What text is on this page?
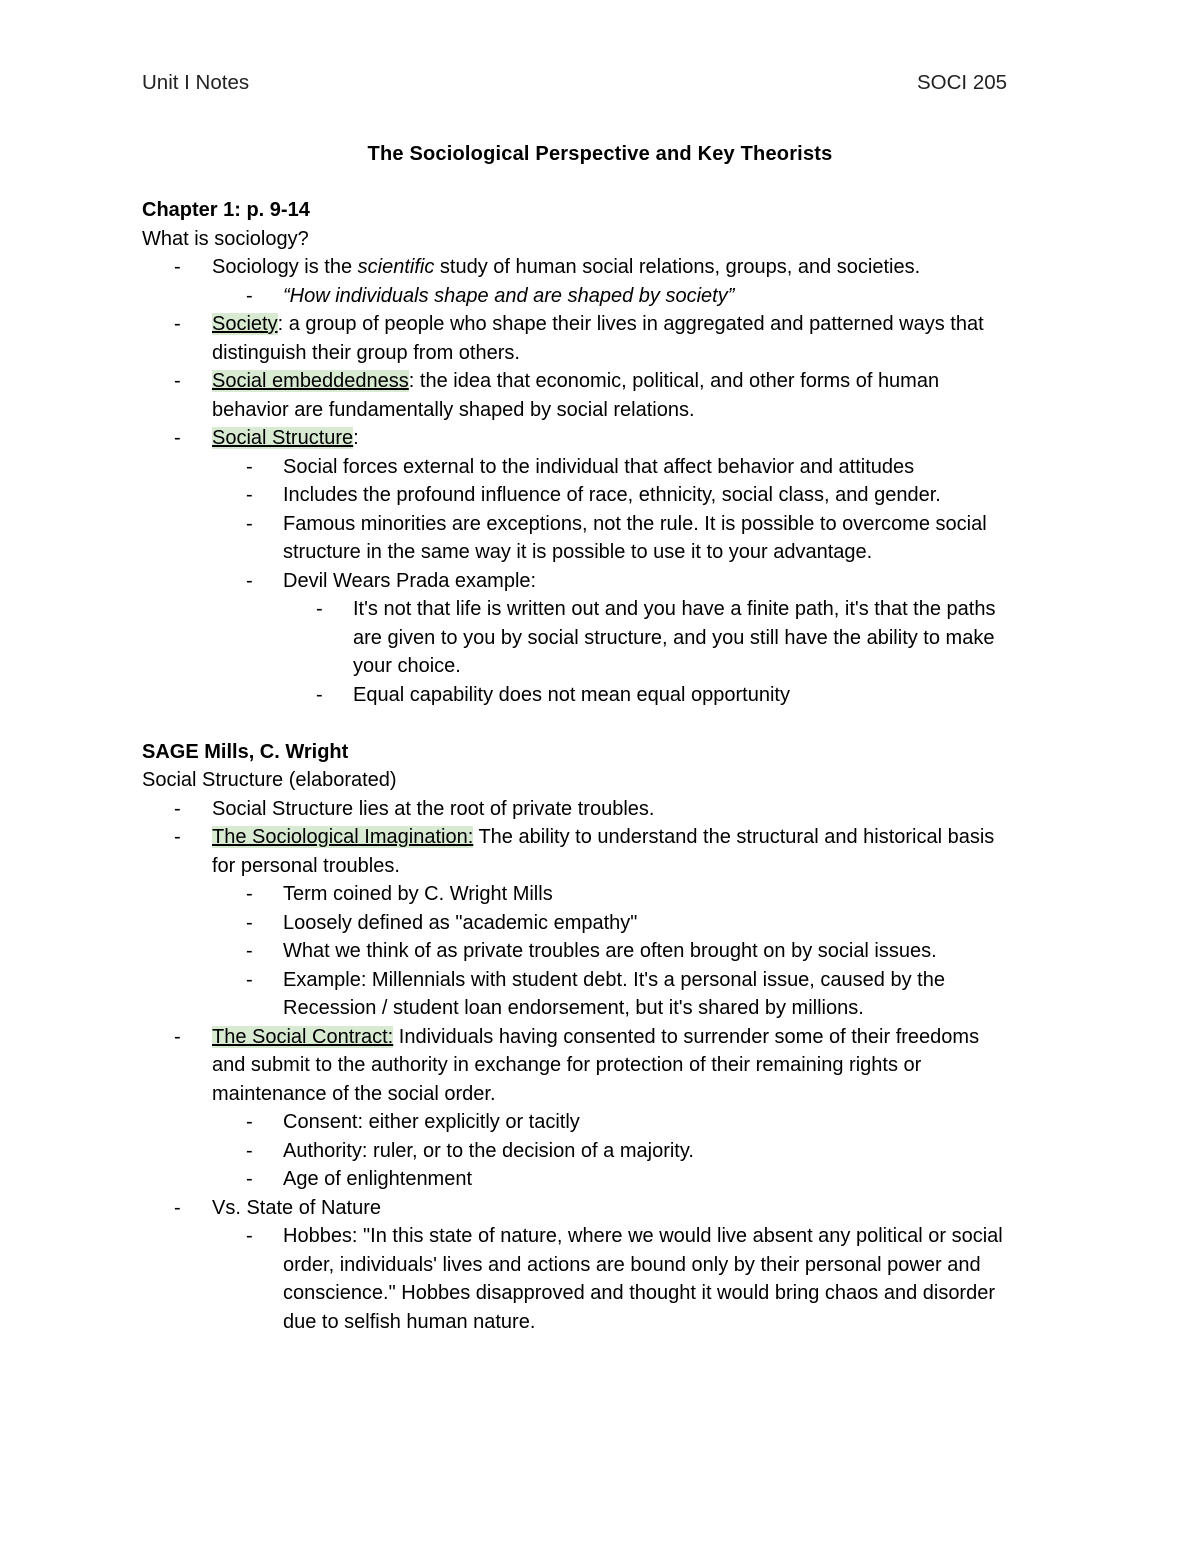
Unit I Notes	SOCI 205
The Sociological Perspective and Key Theorists
Chapter 1: p. 9-14
What is sociology?
- Sociology is the scientific study of human social relations, groups, and societies.
- “How individuals shape and are shaped by society”
- Society: a group of people who shape their lives in aggregated and patterned ways that
distinguish their group from others.
- Social embeddedness: the idea that economic, political, and other forms of human
behavior are fundamentally shaped by social relations.
- Social Structure:
- Social forces external to the individual that affect behavior and attitudes
- Includes the profound influence of race, ethnicity, social class, and gender.
- Famous minorities are exceptions, not the rule. It is possible to overcome social
structure in the same way it is possible to use it to your advantage.
- Devil Wears Prada example:
- It's not that life is written out and you have a finite path, it's that the paths
are given to you by social structure, and you still have the ability to make
your choice.
- Equal capability does not mean equal opportunity
SAGE Mills, C. Wright
Social Structure (elaborated)
- Social Structure lies at the root of private troubles.
- The Sociological Imagination: The ability to understand the structural and historical basis
for personal troubles.
- Term coined by C. Wright Mills
- Loosely defined as "academic empathy"
- What we think of as private troubles are often brought on by social issues.
- Example: Millennials with student debt. It's a personal issue, caused by the
Recession / student loan endorsement, but it's shared by millions.
- The Social Contract: Individuals having consented to surrender some of their freedoms
and submit to the authority in exchange for protection of their remaining rights or
maintenance of the social order.
- Consent: either explicitly or tacitly
- Authority: ruler, or to the decision of a majority.
- Age of enlightenment
- Vs. State of Nature
- Hobbes: "In this state of nature, where we would live absent any political or social
order, individuals' lives and actions are bound only by their personal power and
conscience." Hobbes disapproved and thought it would bring chaos and disorder
due to selfish human nature.
